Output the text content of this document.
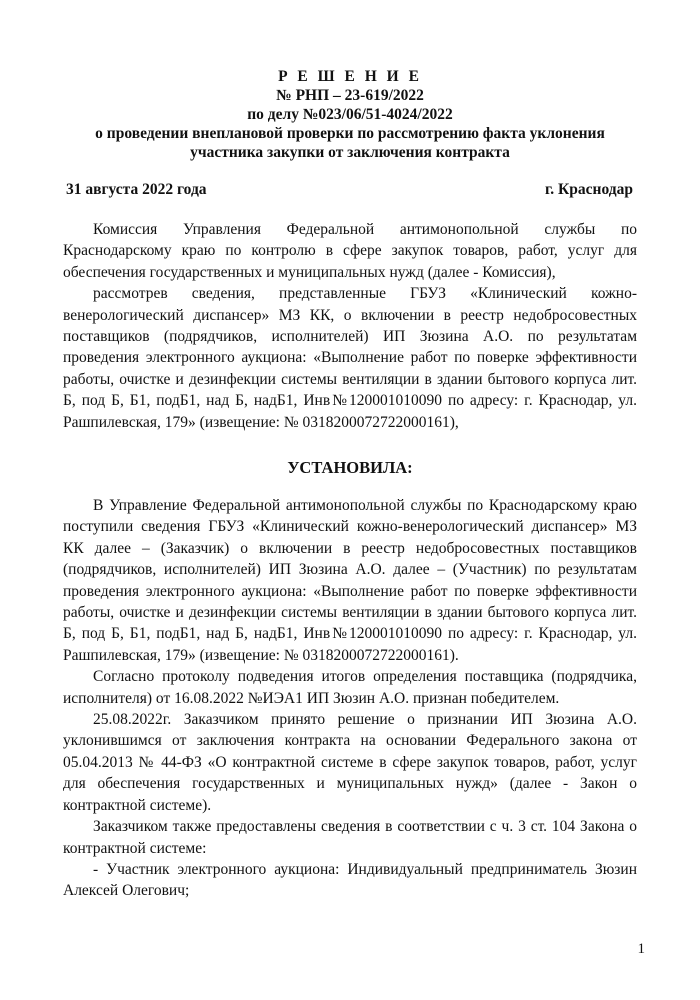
Р Е Ш Е Н И Е
№ РНП – 23-619/2022
по делу №023/06/51-4024/2022
о проведении внеплановой проверки по рассмотрению факта уклонения
участника закупки от заключения контракта
31 августа 2022 года	г. Краснодар

Комиссия Управления Федеральной антимонопольной службы по Краснодарскому краю по контролю в сфере закупок товаров, работ, услуг для обеспечения государственных и муниципальных нужд (далее - Комиссия),

рассмотрев сведения, представленные ГБУЗ «Клинический кожно-венерологический диспансер» МЗ КК, о включении в реестр недобросовестных поставщиков (подрядчиков, исполнителей) ИП Зюзина А.О. по результатам проведения электронного аукциона: «Выполнение работ по поверке эффективности работы, очистке и дезинфекции системы вентиляции в здании бытового корпуса лит. Б, под Б, Б1, подБ1, над Б, надБ1, Инв№120001010090 по адресу: г. Краснодар, ул. Рашпилевская, 179» (извещение: № 0318200072722000161),

УСТАНОВИЛА:

В Управление Федеральной антимонопольной службы по Краснодарскому краю поступили сведения ГБУЗ «Клинический кожно-венерологический диспансер» МЗ КК далее – (Заказчик) о включении в реестр недобросовестных поставщиков (подрядчиков, исполнителей) ИП Зюзина А.О. далее – (Участник) по результатам проведения электронного аукциона: «Выполнение работ по поверке эффективности работы, очистке и дезинфекции системы вентиляции в здании бытового корпуса лит. Б, под Б, Б1, подБ1, над Б, надБ1, Инв№120001010090 по адресу: г. Краснодар, ул. Рашпилевская, 179» (извещение: № 0318200072722000161).

Согласно протоколу подведения итогов определения поставщика (подрядчика, исполнителя) от 16.08.2022 №ИЭА1 ИП Зюзин А.О. признан победителем.

25.08.2022г. Заказчиком принято решение о признании ИП Зюзина А.О. уклонившимся от заключения контракта на основании Федерального закона от 05.04.2013 № 44-ФЗ «О контрактной системе в сфере закупок товаров, работ, услуг для обеспечения государственных и муниципальных нужд» (далее - Закон о контрактной системе).

Заказчиком также предоставлены сведения в соответствии с ч. 3 ст. 104 Закона о контрактной системе:

- Участник электронного аукциона: Индивидуальный предприниматель Зюзин Алексей Олегович;

1
